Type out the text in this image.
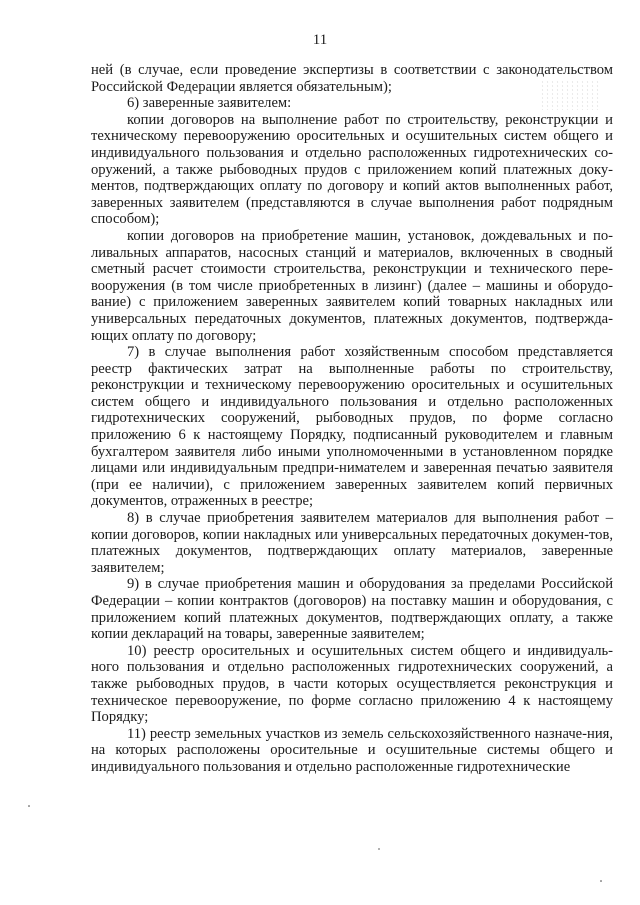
11

ней (в случае, если проведение экспертизы в соответствии с законодательством Российской Федерации является обязательным);

6) заверенные заявителем:

копии договоров на выполнение работ по строительству, реконструкции и техническому перевооружению оросительных и осушительных систем общего и индивидуального пользования и отдельно расположенных гидротехнических со-оружений, а также рыбоводных прудов с приложением копий платежных доку-ментов, подтверждающих оплату по договору и копий актов выполненных работ, заверенных заявителем (представляются в случае выполнения работ подрядным способом);

копии договоров на приобретение машин, установок, дождевальных и по-ливальных аппаратов, насосных станций и материалов, включенных в сводный сметный расчет стоимости строительства, реконструкции и технического пере-вооружения (в том числе приобретенных в лизинг) (далее – машины и оборудо-вание) с приложением заверенных заявителем копий товарных накладных или универсальных передаточных документов, платежных документов, подтвержда-ющих оплату по договору;

7) в случае выполнения работ хозяйственным способом представляется реестр фактических затрат на выполненные работы по строительству, реконструкции и техническому перевооружению оросительных и осушительных систем общего и индивидуального пользования и отдельно расположенных гидротехнических сооружений, рыбоводных прудов, по форме согласно приложению 6 к настоящему Порядку, подписанный руководителем и главным бухгалтером заявителя либо иными уполномоченными в установленном порядке лицами или индивидуальным предпри-нимателем и заверенная печатью заявителя (при ее наличии), с приложением заверенных заявителем копий первичных документов, отраженных в реестре;

8) в случае приобретения заявителем материалов для выполнения работ – копии договоров, копии накладных или универсальных передаточных докумен-тов, платежных документов, подтверждающих оплату материалов, заверенные заявителем;

9) в случае приобретения машин и оборудования за пределами Российской Федерации – копии контрактов (договоров) на поставку машин и оборудования, с приложением копий платежных документов, подтверждающих оплату, а также копии деклараций на товары, заверенные заявителем;

10) реестр оросительных и осушительных систем общего и индивидуаль-ного пользования и отдельно расположенных гидротехнических сооружений, а также рыбоводных прудов, в части которых осуществляется реконструкция и техническое перевооружение, по форме согласно приложению 4 к настоящему Порядку;

11) реестр земельных участков из земель сельскохозяйственного назначе-ния, на которых расположены оросительные и осушительные системы общего и индивидуального пользования и отдельно расположенные гидротехнические
